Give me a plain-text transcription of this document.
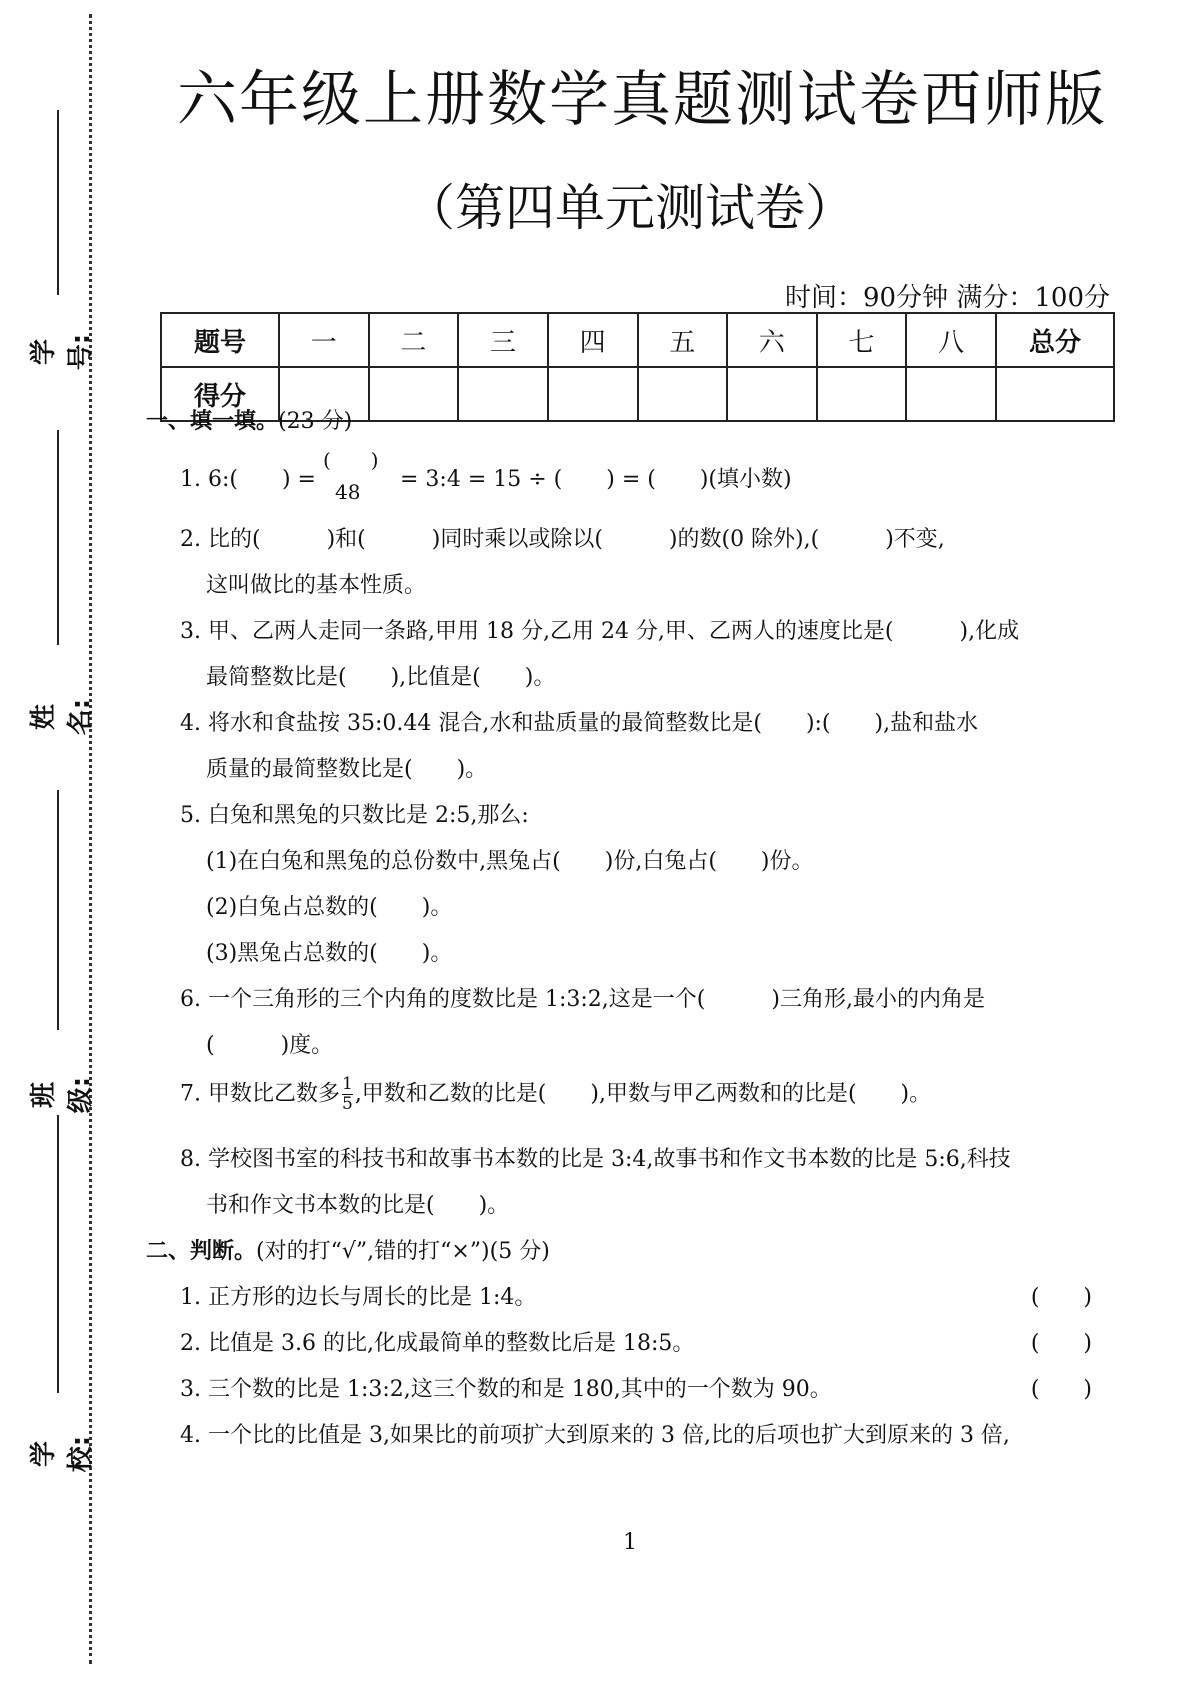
学号:
姓名:
班级:
学校:
六年级上册数学真题测试卷西师版
（第四单元测试卷）
时间：90分钟 满分：100分
题号	一	二	三	四	五	六	七	八	总分
得分									
一、填一填。(23 分)
1. 6:(　　) =
(　　)
48 = 3:4 = 15 ÷ (　　) = (　　)(填小数)
2. 比的(　　　)和(　　　)同时乘以或除以(　　　)的数(0 除外),(　　　)不变,
这叫做比的基本性质。
3. 甲、乙两人走同一条路,甲用 18 分,乙用 24 分,甲、乙两人的速度比是(　　　),化成
最简整数比是(　　),比值是(　　)。
4. 将水和食盐按 35:0.44 混合,水和盐质量的最简整数比是(　　):(　　),盐和盐水
质量的最简整数比是(　　)。
5. 白兔和黑兔的只数比是 2:5,那么:
(1)在白兔和黑兔的总份数中,黑兔占(　　)份,白兔占(　　)份。
(2)白兔占总数的(　　)。
(3)黑兔占总数的(　　)。
6. 一个三角形的三个内角的度数比是 1:3:2,这是一个(　　　)三角形,最小的内角是
(　　　)度。
7. 甲数比乙数多 $\frac{1}{5}$ ,甲数和乙数的比是(　　),甲数与甲乙两数和的比是(　　)。
8. 学校图书室的科技书和故事书本数的比是 3:4,故事书和作文书本数的比是 5:6,科技
书和作文书本数的比是(　　)。
二、判断。(对的打“√”,错的打“×”)(5 分)
1. 正方形的边长与周长的比是 1:4。	(　　)
2. 比值是 3.6 的比,化成最简单的整数比后是 18:5。	(　　)
3. 三个数的比是 1:3:2,这三个数的和是 180,其中的一个数为 90。	(　　)
4. 一个比的比值是 3,如果比的前项扩大到原来的 3 倍,比的后项也扩大到原来的 3 倍,
1
